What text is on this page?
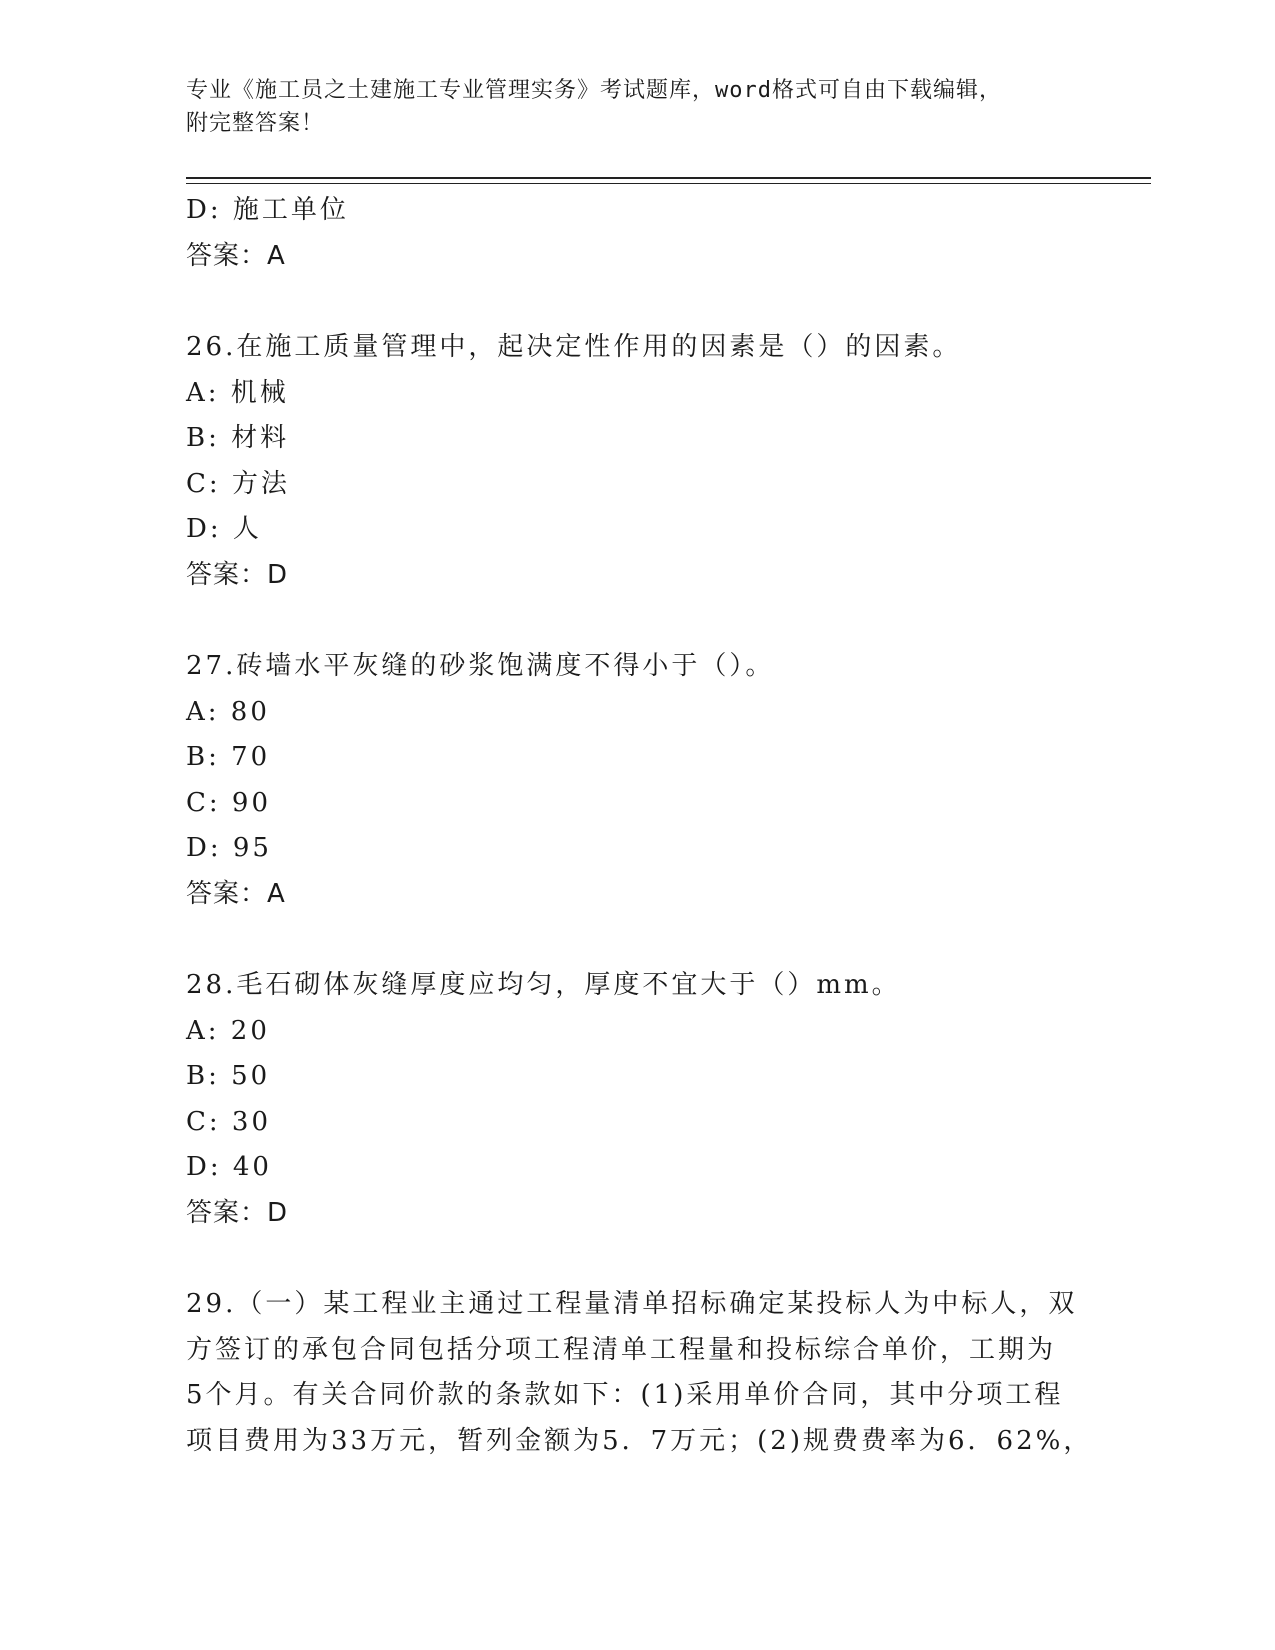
专业《施工员之土建施工专业管理实务》考试题库，word格式可自由下载编辑，
附完整答案！
D: 施工单位
答案：A
26.在施工质量管理中，起决定性作用的因素是（）的因素。
A: 机械
B: 材料
C: 方法
D: 人
答案：D
27.砖墙水平灰缝的砂浆饱满度不得小于（）。
A: 80
B: 70
C: 90
D: 95
答案：A
28.毛石砌体灰缝厚度应均匀，厚度不宜大于（）mm。
A: 20
B: 50
C: 30
D: 40
答案：D
29.（一）某工程业主通过工程量清单招标确定某投标人为中标人，双
方签订的承包合同包括分项工程清单工程量和投标综合单价，工期为
5个月。有关合同价款的条款如下：(1)采用单价合同，其中分项工程
项目费用为33万元，暂列金额为5．7万元；(2)规费费率为6．62%，
